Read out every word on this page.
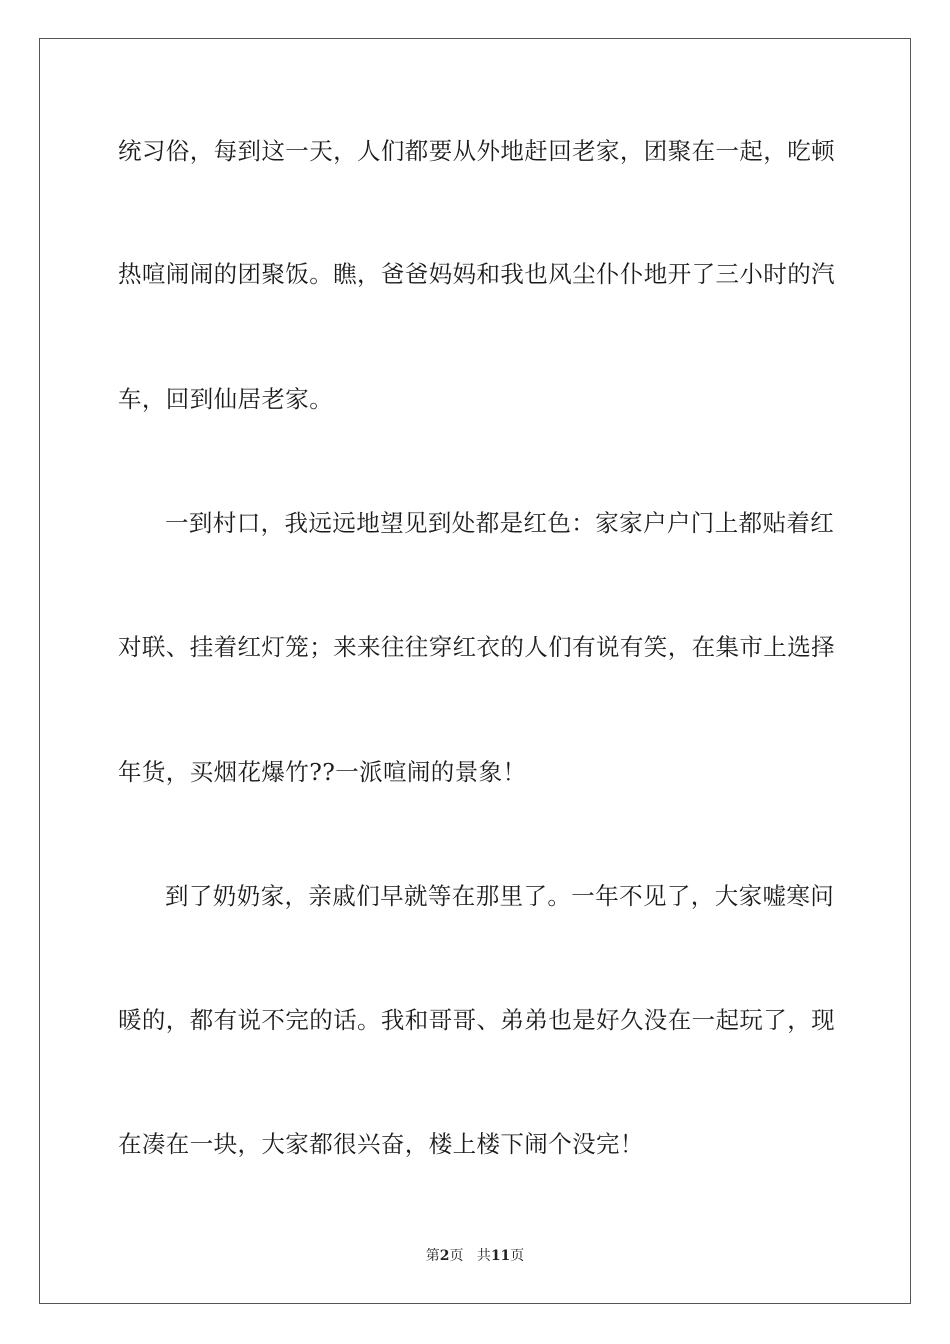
统习俗，每到这一天，人们都要从外地赶回老家，团聚在一起，吃顿
热喧闹闹的团聚饭。瞧，爸爸妈妈和我也风尘仆仆地开了三小时的汽
车，回到仙居老家。
一到村口，我远远地望见到处都是红色：家家户户门上都贴着红
对联、挂着红灯笼；来来往往穿红衣的人们有说有笑，在集市上选择
年货，买烟花爆竹??一派喧闹的景象！
到了奶奶家，亲戚们早就等在那里了。一年不见了，大家嘘寒问
暖的，都有说不完的话。我和哥哥、弟弟也是好久没在一起玩了，现
在凑在一块，大家都很兴奋，楼上楼下闹个没完！
第2页 共11页
